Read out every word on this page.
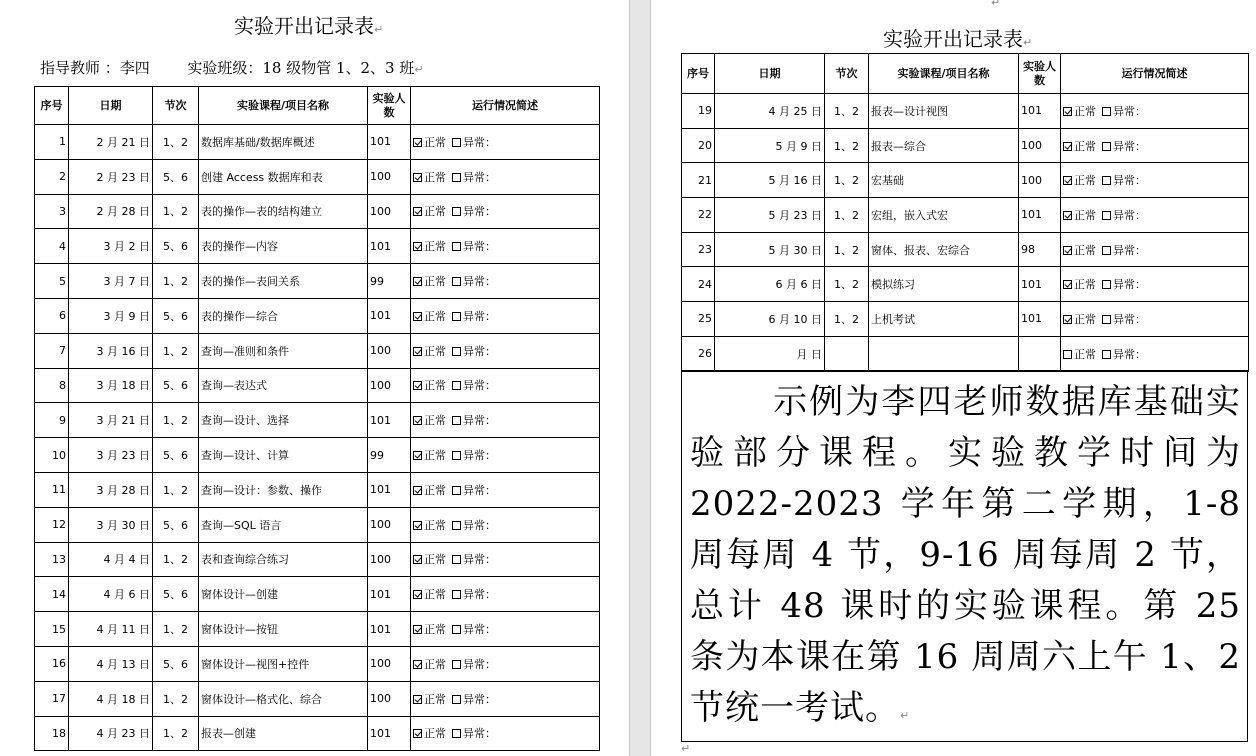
实验开出记录表↵
指导教师 ：李四	实验班级：18 级物管 1、2、3 班↵
序号	日期	节次	实验课程/项目名称	实验人数	运行情况简述
1	2 月 21 日	1、2	数据库基础/数据库概述	101	正常 异常：
2	2 月 23 日	5、6	创建 Access 数据库和表	100	正常 异常：
3	2 月 28 日	1、2	表的操作—表的结构建立	100	正常 异常：
4	3 月 2 日	5、6	表的操作—内容	101	正常 异常：
5	3 月 7 日	1、2	表的操作—表间关系	99	正常 异常：
6	3 月 9 日	5、6	表的操作—综合	101	正常 异常：
7	3 月 16 日	1、2	查询—准则和条件	100	正常 异常：
8	3 月 18 日	5、6	查询—表达式	100	正常 异常：
9	3 月 21 日	1、2	查询—设计、选择	101	正常 异常：
10	3 月 23 日	5、6	查询—设计、计算	99	正常 异常：
11	3 月 28 日	1、2	查询—设计：参数、操作	101	正常 异常：
12	3 月 30 日	5、6	查询—SQL 语言	100	正常 异常：
13	4 月 4 日	1、2	表和查询综合练习	100	正常 异常：
14	4 月 6 日	5、6	窗体设计—创建	101	正常 异常：
15	4 月 11 日	1、2	窗体设计—按钮	101	正常 异常：
16	4 月 13 日	5、6	窗体设计—视图+控件	100	正常 异常：
17	4 月 18 日	1、2	窗体设计—格式化、综合	100	正常 异常：
18	4 月 23 日	1、2	报表—创建	101	正常 异常：
↵
实验开出记录表↵
序号	日期	节次	实验课程/项目名称	实验人数	运行情况简述
19	4 月 25 日	1、2	报表—设计视图	101	正常 异常：
20	5 月 9 日	1、2	报表—综合	100	正常 异常：
21	5 月 16 日	1、2	宏基础	100	正常 异常：
22	5 月 23 日	1、2	宏组，嵌入式宏	101	正常 异常：
23	5 月 30 日	1、2	窗体、报表、宏综合	98	正常 异常：
24	6 月 6 日	1、2	模拟练习	101	正常 异常：
25	6 月 10 日	1、2	上机考试	101	正常 异常：
26	月 日				正常 异常：
示例为李四老师数据库基础实验部分课程。实验教学时间为 2022-2023 学年第二学期，1-8 周每周 4 节，9-16 周每周 2 节，总计 48 课时的实验课程。第 25 条为本课在第 16 周周六上午 1、2 节统一考试。↵
↵
